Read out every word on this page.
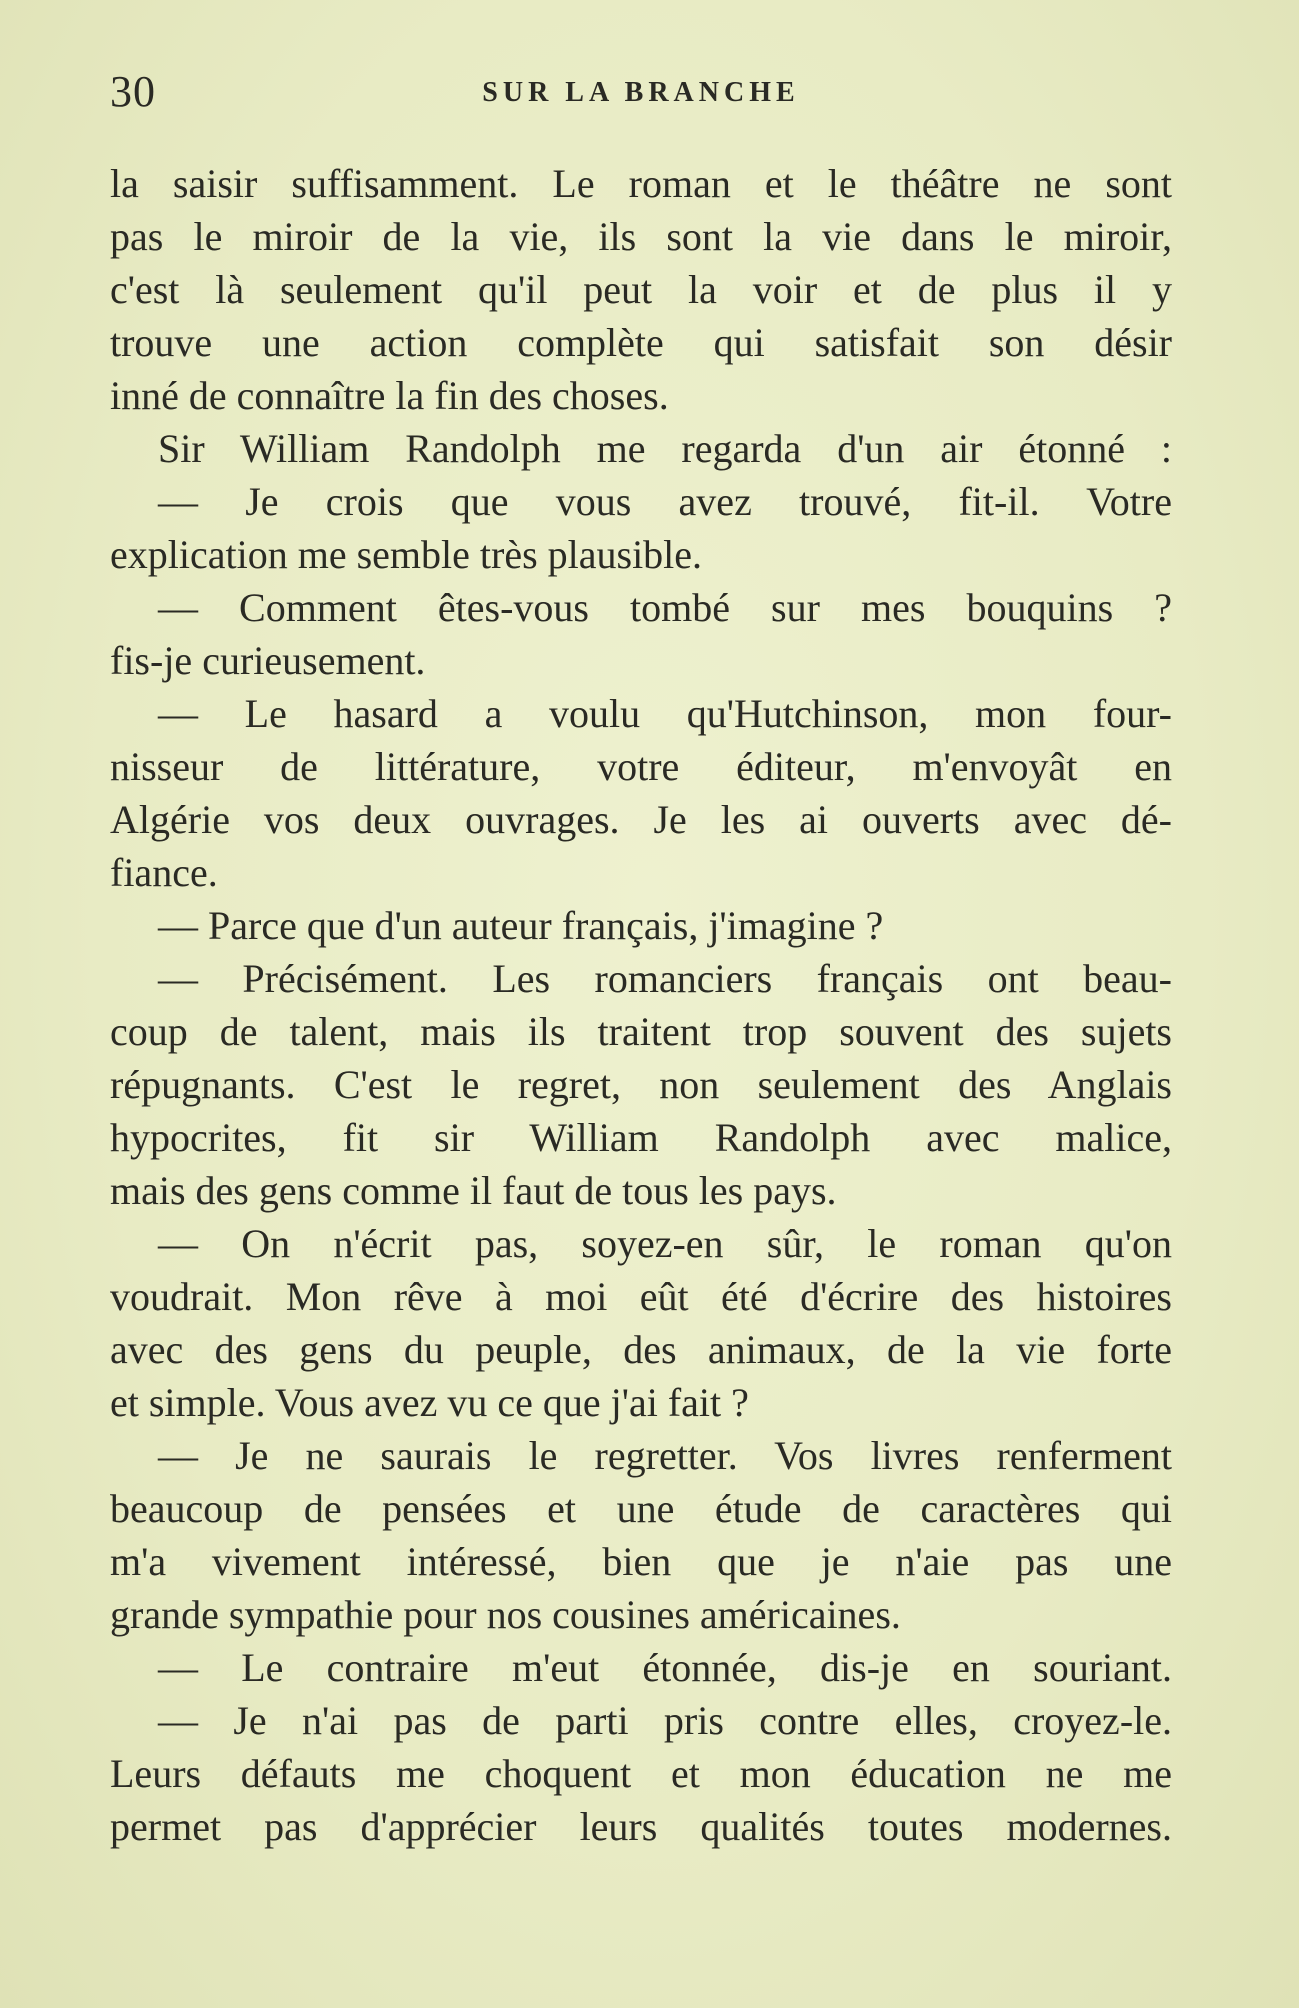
30	SUR LA BRANCHE
la saisir suffisamment. Le roman et le théâtre ne sont
pas le miroir de la vie, ils sont la vie dans le miroir,
c'est là seulement qu'il peut la voir et de plus il y
trouve une action complète qui satisfait son désir
inné de connaître la fin des choses.
Sir William Randolph me regarda d'un air étonné :
— Je crois que vous avez trouvé, fit-il. Votre
explication me semble très plausible.
— Comment êtes-vous tombé sur mes bouquins ?
fis-je curieusement.
— Le hasard a voulu qu'Hutchinson, mon four-
nisseur de littérature, votre éditeur, m'envoyât en
Algérie vos deux ouvrages. Je les ai ouverts avec dé-
fiance.
— Parce que d'un auteur français, j'imagine ?
— Précisément. Les romanciers français ont beau-
coup de talent, mais ils traitent trop souvent des sujets
répugnants. C'est le regret, non seulement des Anglais
hypocrites, fit sir William Randolph avec malice,
mais des gens comme il faut de tous les pays.
— On n'écrit pas, soyez-en sûr, le roman qu'on
voudrait. Mon rêve à moi eût été d'écrire des histoires
avec des gens du peuple, des animaux, de la vie forte
et simple. Vous avez vu ce que j'ai fait ?
— Je ne saurais le regretter. Vos livres renferment
beaucoup de pensées et une étude de caractères qui
m'a vivement intéressé, bien que je n'aie pas une
grande sympathie pour nos cousines américaines.
— Le contraire m'eut étonnée, dis-je en souriant.
— Je n'ai pas de parti pris contre elles, croyez-le.
Leurs défauts me choquent et mon éducation ne me
permet pas d'apprécier leurs qualités toutes modernes.
